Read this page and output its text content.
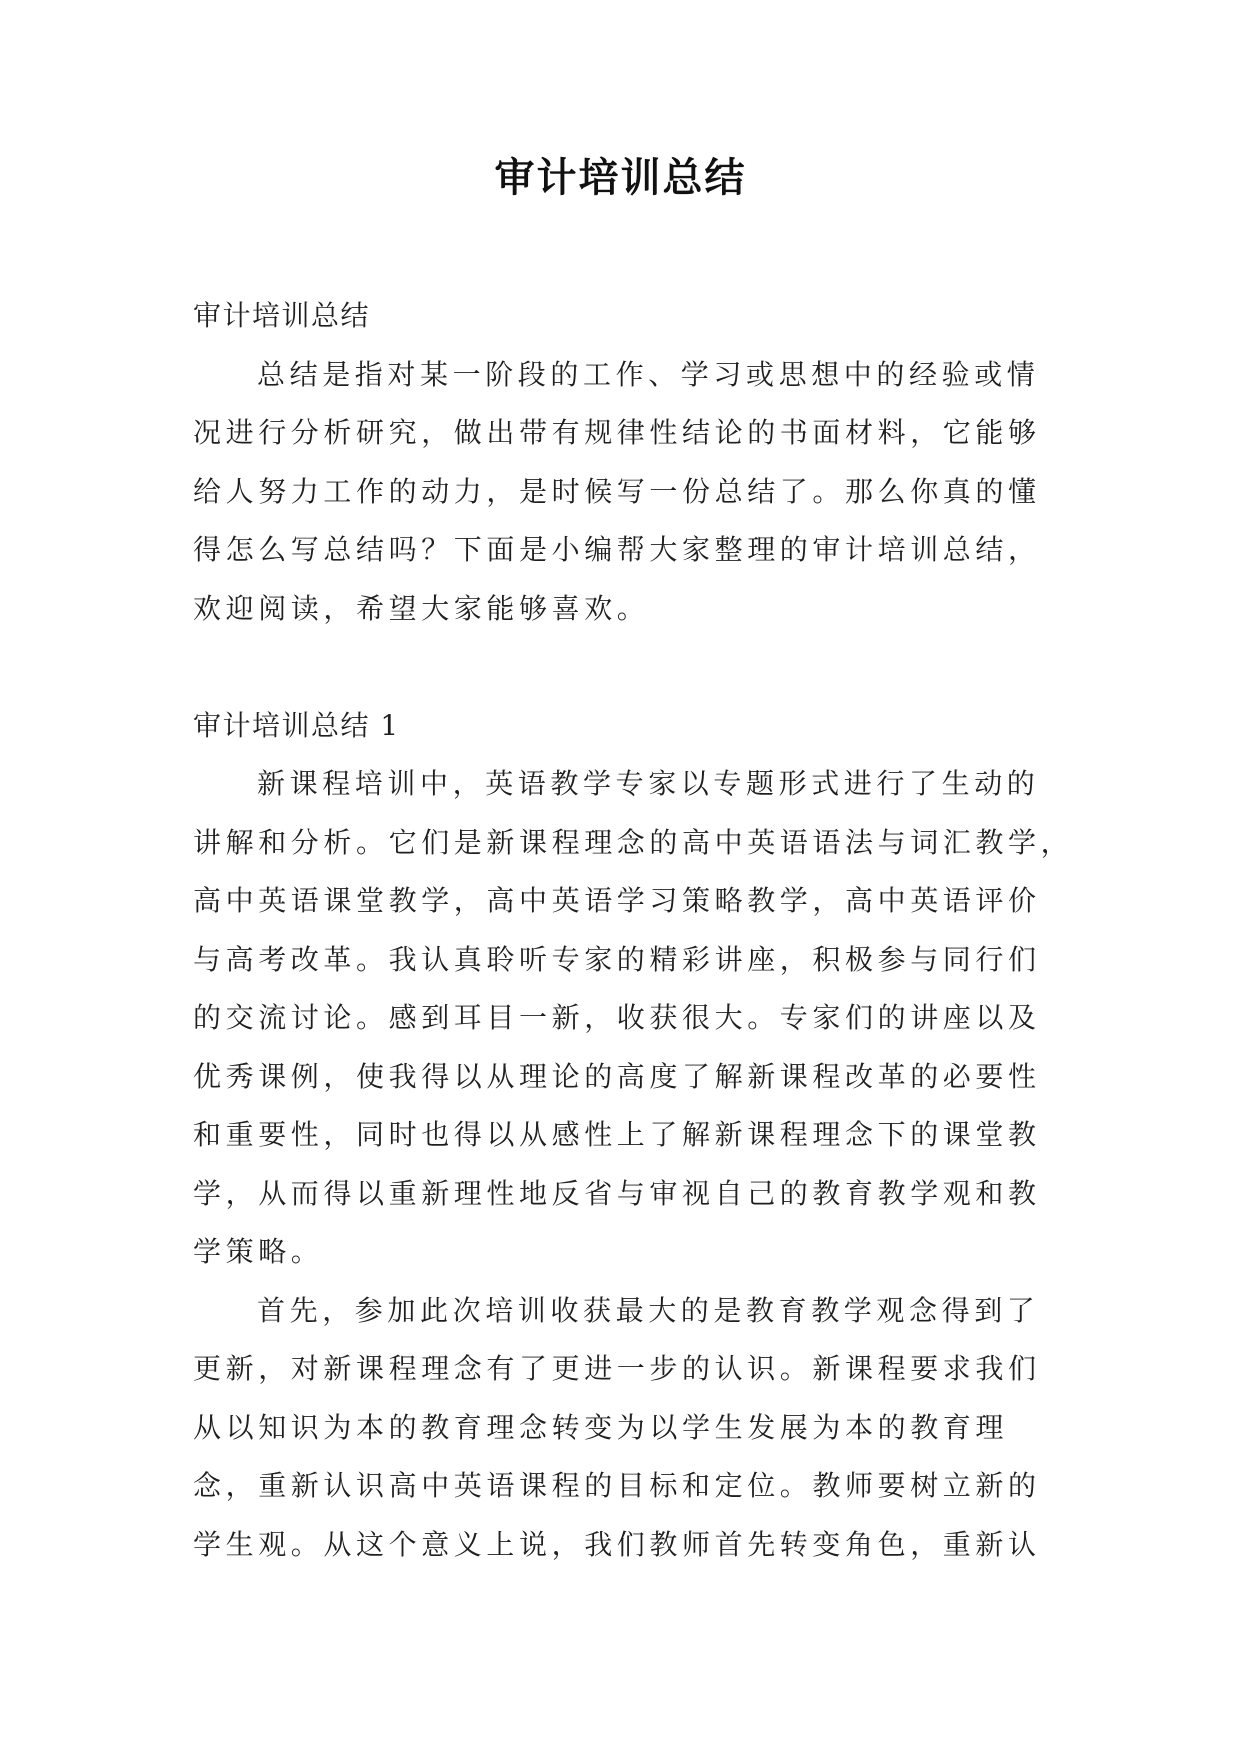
审计培训总结
审计培训总结
总结是指对某一阶段的工作、学习或思想中的经验或情
况进行分析研究，做出带有规律性结论的书面材料，它能够
给人努力工作的动力，是时候写一份总结了。那么你真的懂
得怎么写总结吗？下面是小编帮大家整理的审计培训总结，
欢迎阅读，希望大家能够喜欢。
审计培训总结 1
新课程培训中，英语教学专家以专题形式进行了生动的
讲解和分析。它们是新课程理念的高中英语语法与词汇教学，
高中英语课堂教学，高中英语学习策略教学，高中英语评价
与高考改革。我认真聆听专家的精彩讲座，积极参与同行们
的交流讨论。感到耳目一新，收获很大。专家们的讲座以及
优秀课例，使我得以从理论的高度了解新课程改革的必要性
和重要性，同时也得以从感性上了解新课程理念下的课堂教
学，从而得以重新理性地反省与审视自己的教育教学观和教
学策略。
首先，参加此次培训收获最大的是教育教学观念得到了
更新，对新课程理念有了更进一步的认识。新课程要求我们
从以知识为本的教育理念转变为以学生发展为本的教育理
念，重新认识高中英语课程的目标和定位。教师要树立新的
学生观。从这个意义上说，我们教师首先转变角色，重新认
